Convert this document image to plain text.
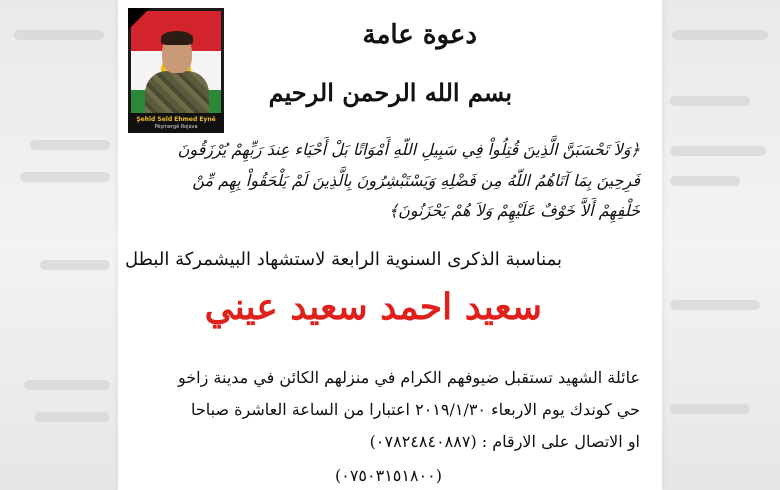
Şehîd Seîd Ehmed Eynê
Pêşmergê Rojava
دعوة عامة
بسم الله الرحمن الرحيم
﴿وَلاَ تَحْسَبَنَّ الَّذِينَ قُتِلُواْ فِي سَبِيلِ اللّهِ أَمْوَاتًا بَلْ أَحْيَاء عِندَ رَبِّهِمْ يُرْزَقُونَ
فَرِحِينَ بِمَا آتَاهُمُ اللّهُ مِن فَضْلِهِ وَيَسْتَبْشِرُونَ بِالَّذِينَ لَمْ يَلْحَقُواْ بِهِم مِّنْ
خَلْفِهِمْ أَلاَّ خَوْفٌ عَلَيْهِمْ وَلاَ هُمْ يَحْزَنُونَ﴾
بمناسبة الذكرى السنوية الرابعة لاستشهاد البيشمركة البطل
سعيد احمد سعيد عيني
عائلة الشهيد تستقبل ضيوفهم الكرام في منزلهم الكائن في مدينة زاخو
حي كوندك يوم الاربعاء ٢٠١٩/١/٣٠ اعتبارا من الساعة العاشرة صباحا
او الاتصال على الارقام : (٠٧٨٢٤٨٤٠٨٨٧)
(٠٧٥٠٣١٥١٨٠٠)
